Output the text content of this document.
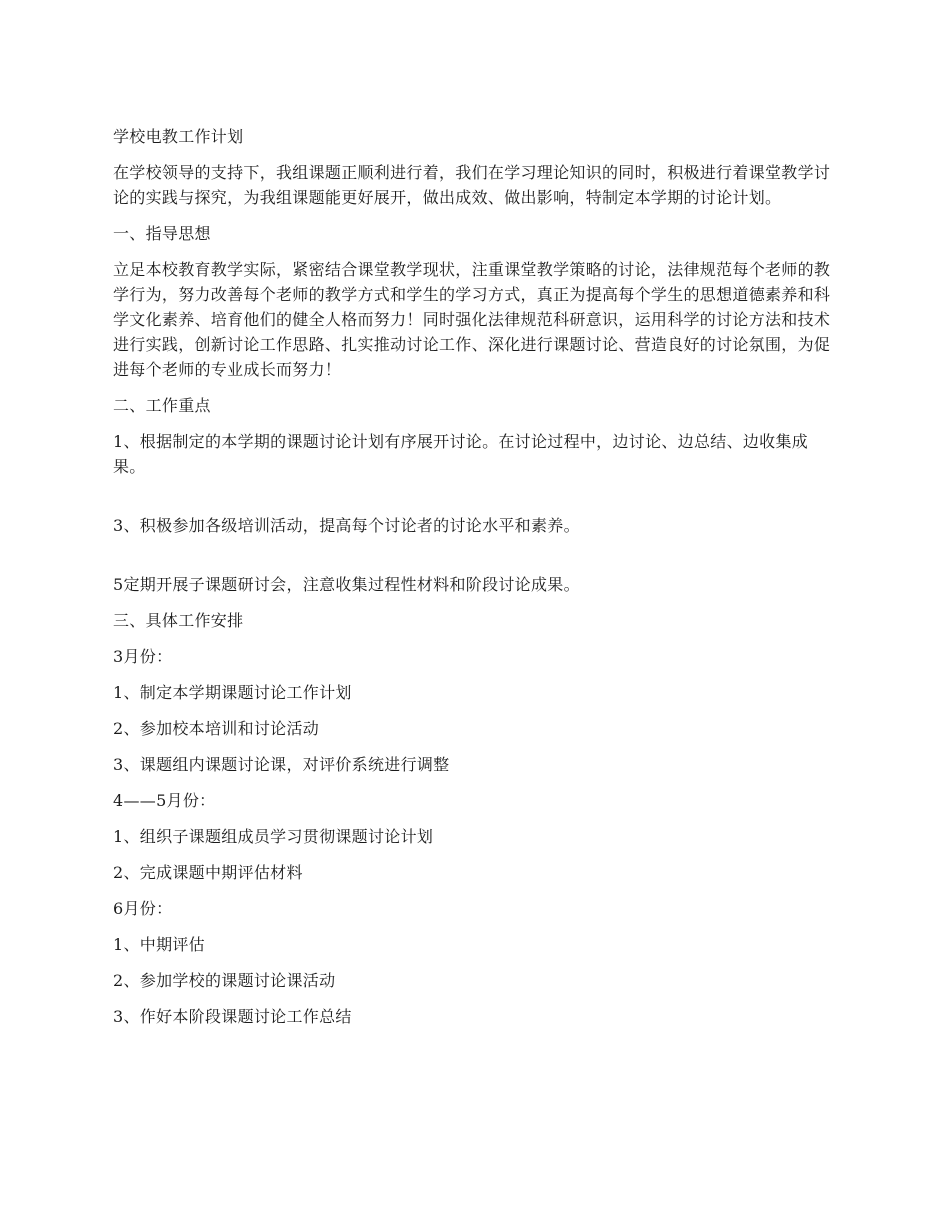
学校电教工作计划

在学校领导的支持下，我组课题正顺利进行着，我们在学习理论知识的同时，积极进行着课堂教学讨论的实践与探究，为我组课题能更好展开，做出成效、做出影响，特制定本学期的讨论计划。

一、指导思想

立足本校教育教学实际，紧密结合课堂教学现状，注重课堂教学策略的讨论，法律规范每个老师的教学行为，努力改善每个老师的教学方式和学生的学习方式，真正为提高每个学生的思想道德素养和科学文化素养、培育他们的健全人格而努力！同时强化法律规范科研意识，运用科学的讨论方法和技术进行实践，创新讨论工作思路、扎实推动讨论工作、深化进行课题讨论、营造良好的讨论氛围，为促进每个老师的专业成长而努力！

二、工作重点

1、根据制定的本学期的课题讨论计划有序展开讨论。在讨论过程中，边讨论、边总结、边收集成果。

3、积极参加各级培训活动，提高每个讨论者的讨论水平和素养。

5定期开展子课题研讨会，注意收集过程性材料和阶段讨论成果。

三、具体工作安排

3月份：

1、制定本学期课题讨论工作计划

2、参加校本培训和讨论活动

3、课题组内课题讨论课，对评价系统进行调整

4——5月份：

1、组织子课题组成员学习贯彻课题讨论计划

2、完成课题中期评估材料

6月份：

1、中期评估

2、参加学校的课题讨论课活动

3、作好本阶段课题讨论工作总结
